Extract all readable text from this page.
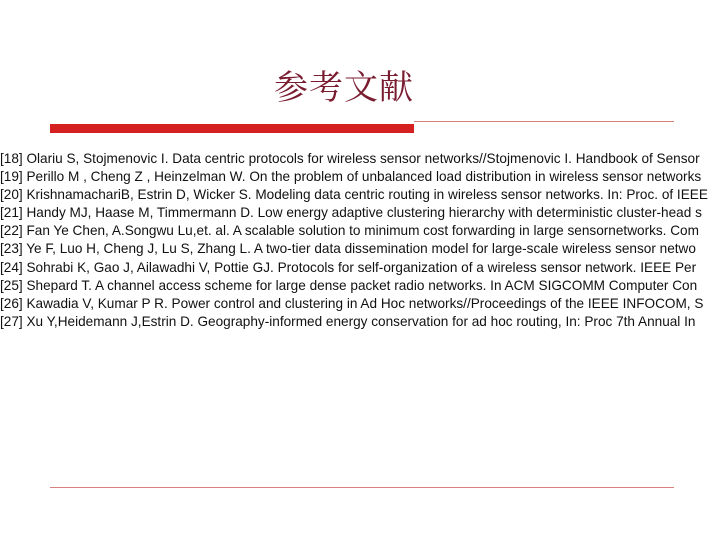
参考文献
[18] Olariu S, Stojmenovic I. Data centric protocols for wireless sensor networks//Stojmenovic I. Handbook of Sensor
[19] Perillo M , Cheng Z , Heinzelman W. On the problem of unbalanced load distribution in wireless sensor networks
[20] KrishnamachariB, Estrin D, Wicker S. Modeling data centric routing in wireless sensor networks. In: Proc. of IEEE
[21] Handy MJ, Haase M, Timmermann D. Low energy adaptive clustering hierarchy with deterministic cluster-head s
[22] Fan Ye Chen, A.Songwu Lu,et. al. A scalable solution to minimum cost forwarding in large sensornetworks. Com
[23] Ye F, Luo H, Cheng J, Lu S, Zhang L. A two-tier data dissemination model for large-scale wireless sensor netwo
[24] Sohrabi K, Gao J, Ailawadhi V, Pottie GJ. Protocols for self-organization of a wireless sensor network. IEEE Per
[25] Shepard T. A channel access scheme for large dense packet radio networks. In ACM SIGCOMM Computer Con
[26] Kawadia V, Kumar P R. Power control and clustering in Ad Hoc networks//Proceedings of the IEEE INFOCOM, S
[27] Xu Y,Heidemann J,Estrin D. Geography-informed energy conservation for ad hoc routing, In: Proc 7th Annual In
